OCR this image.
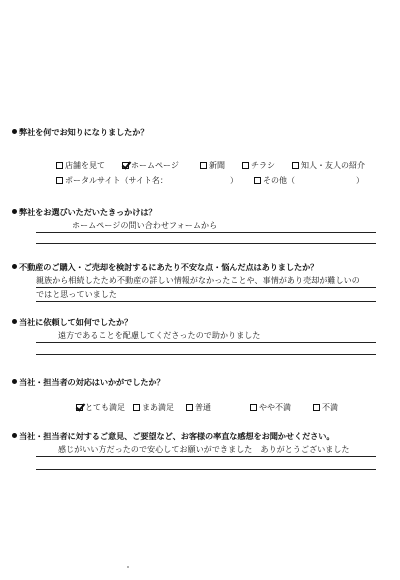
弊社を何でお知りになりましたか？
店舗を見て	ホームページ	新聞	チラシ	知人・友人の紹介
ポータルサイト（サイト名：	）	その他（	）
弊社をお選びいただいたきっかけは？
ホームページの問い合わせフォームから
不動産のご購入・ご売却を検討するにあたり不安な点・悩んだ点はありましたか？
親族から相続したため不動産の詳しい情報がなかったことや、事情があり売却が難しいの
ではと思っていました
当社に依頼して如何でしたか？
遠方であることを配慮してくださったので助かりました
当社・担当者の対応はいかがでしたか？
とても満足	まあ満足	普通	やや不満	不満
当社・担当者に対するご意見、ご要望など、お客様の率直な感想をお聞かせください。
感じがいい方だったので安心してお願いができました　ありがとうございました
